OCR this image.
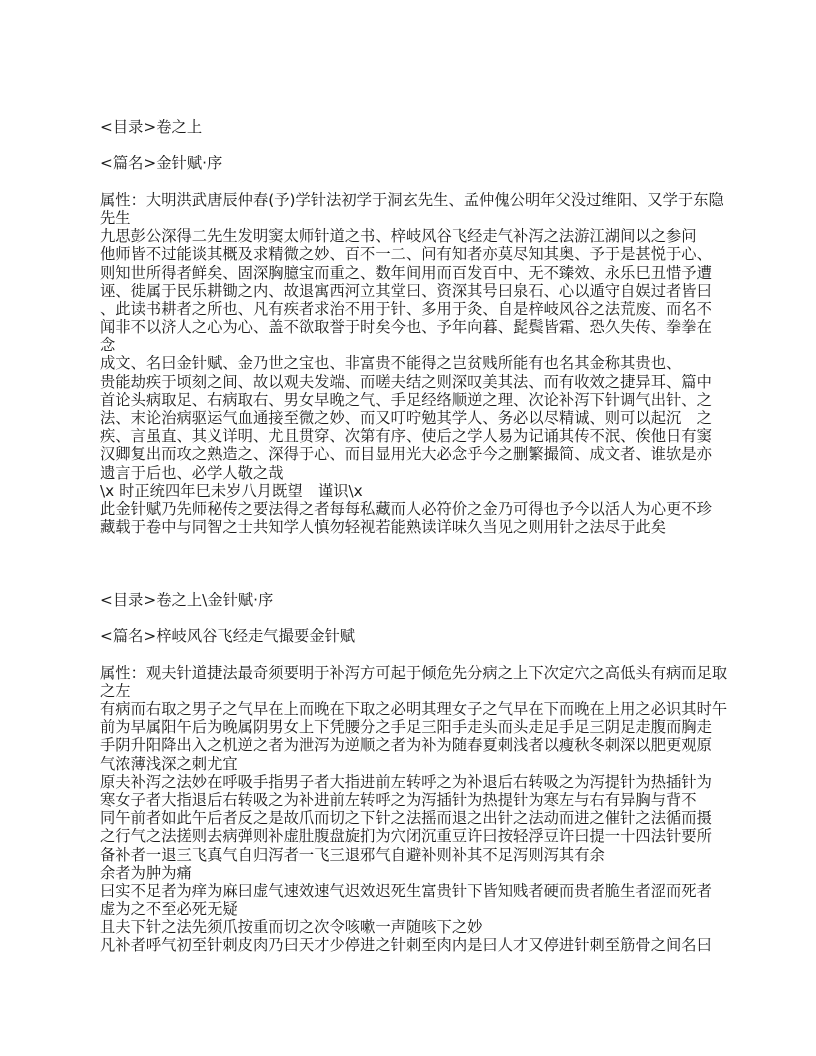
<目录>卷之上
<篇名>金针赋·序
属性：大明洪武唐辰仲春(予)学针法初学于洞玄先生、孟仲傀公明年父没过维阳、又学于东隐
先生
九思彭公深得二先生发明窦太师针道之书、梓岐风谷飞经走气补泻之法游江湖间以之参问
他师皆不过能谈其概及求精微之妙、百不一二、问有知者亦莫尽知其奥、予于是甚悦于心、
则知世所得者鲜矣、固深胸臆宝而重之、数年间用而百发百中、无不臻效、永乐巳丑惜予遭
诬、徙属于民乐耕锄之内、故退寓西河立其堂曰、资深其号曰泉石、心以遁守自娱过者皆曰
、此读书耕者之所也、凡有疾者求治不用于针、多用于灸、自是梓岐风谷之法荒废、而名不
闻非不以济人之心为心、盖不欲取誉于时矣今也、予年向暮、髭鬓皆霜、恐久失传、拳拳在
念
成文、名曰金针赋、金乃世之宝也、非富贵不能得之岂贫贱所能有也名其金称其贵也、
贵能劫疾于顷刻之间、故以观夫发端、而嗟夫结之则深叹美其法、而有收效之捷异耳、篇中
首论头病取足、右病取右、男女早晚之气、手足经络顺逆之理、次论补泻下针调气出针、之
法、末论治病驱运气血通接至微之妙、而又叮咛勉其学人、务必以尽精诚、则可以起沉　之
疾、言虽直、其义详明、尤且贯穿、次第有序、使后之学人易为记诵其传不泯、俟他日有窦
汉卿复出而攻之熟造之、深得于心、而目显用光大必念乎今之删繁撮简、成文者、谁欤是亦
遗言于后也、必学人敬之哉
\x 时正统四年巳未岁八月既望　谨识\x
此金针赋乃先师秘传之要法得之者每每私藏而人必符价之金乃可得也予今以活人为心更不珍
藏载于卷中与同智之士共知学人慎勿轻视若能熟读详味久当见之则用针之法尽于此矣
<目录>卷之上\金针赋·序
<篇名>梓岐风谷飞经走气撮要金针赋
属性：观夫针道捷法最奇须要明于补泻方可起于倾危先分病之上下次定穴之高低头有病而足取
之左
有病而右取之男子之气早在上而晚在下取之必明其理女子之气早在下而晚在上用之必识其时午
前为早属阳午后为晚属阴男女上下凭腰分之手足三阳手走头而头走足手足三阴足走腹而胸走
手阴升阳降出入之机逆之者为泄泻为逆顺之者为补为随春夏刺浅者以瘦秋冬刺深以肥更观原
气浓薄浅深之刺尤宜
原夫补泻之法妙在呼吸手指男子者大指进前左转呼之为补退后右转吸之为泻提针为热插针为
寒女子者大指退后右转吸之为补进前左转呼之为泻插针为热提针为寒左与右有异胸与背不
同午前者如此午后者反之是故爪而切之下针之法摇而退之出针之法动而进之催针之法循而摄
之行气之法搓则去病弹则补虚肚腹盘旋扪为穴闭沉重豆许曰按轻浮豆许曰提一十四法针要所
备补者一退三飞真气自归泻者一飞三退邪气自避补则补其不足泻则泻其有余
余者为肿为痛
曰实不足者为痒为麻曰虚气速效速气迟效迟死生富贵针下皆知贱者硬而贵者脆生者涩而死者
虚为之不至必死无疑
且夫下针之法先须爪按重而切之次令咳嗽一声随咳下之妙
凡补者呼气初至针刺皮肉乃曰天才少停进之针刺至肉内是曰人才又停进针刺至筋骨之间名曰
